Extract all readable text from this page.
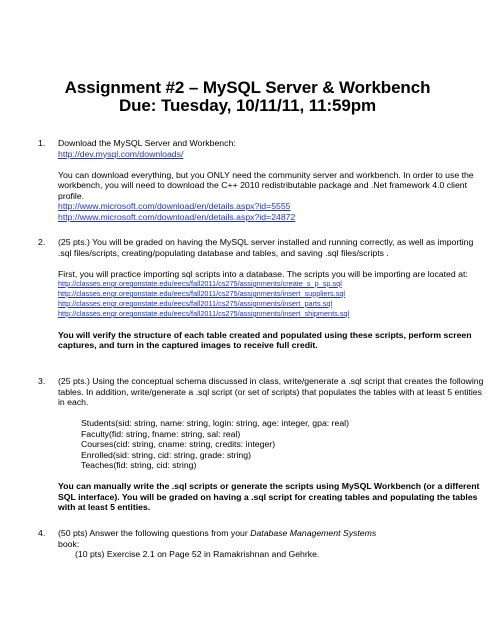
Assignment #2 – MySQL Server & Workbench
Due: Tuesday, 10/11/11, 11:59pm
1. Download the MySQL Server and Workbench:

http://dev.mysql.com/downloads/

You can download everything, but you ONLY need the community server and workbench. In order to use the workbench, you will need to download the C++ 2010 redistributable package and .Net framework 4.0 client profile.

http://www.microsoft.com/download/en/details.aspx?id=5555
http://www.microsoft.com/download/en/details.aspx?id=24872
2. (25 pts.) You will be graded on having the MySQL server installed and running correctly, as well as importing .sql files/scripts, creating/populating database and tables, and saving .sql files/scripts .

First, you will practice importing sql scripts into a database. The scripts you will be importing are located at:

http://classes.engr.oregonstate.edu/eecs/fall2011/cs275/assignments/create_s_p_sp.sql
http://classes.engr.oregonstate.edu/eecs/fall2011/cs275/assignments/insert_suppliers.sql
http://classes.engr.oregonstate.edu/eecs/fall2011/cs275/assignments/insert_parts.sql
http://classes.engr.oregonstate.edu/eecs/fall2011/cs275/assignments/insert_shipments.sql

You will verify the structure of each table created and populated using these scripts, perform screen captures, and turn in the captured images to receive full credit.

3. (25 pts.) Using the conceptual schema discussed in class, write/generate a .sql script that creates the following tables. In addition, write/generate a .sql script (or set of scripts) that populates the tables with at least 5 entities in each.

Students(sid: string, name: string, login: string, age: integer, gpa: real)
Faculty(fid: string, fname: string, sal: real)
Courses(cid: string, cname: string, credits: integer)
Enrolled(sid: string, cid: string, grade: string)
Teaches(fid: string, cid: string)

You can manually write the .sql scripts or generate the scripts using MySQL Workbench (or a different SQL interface). You will be graded on having a .sql script for creating tables and populating the tables with at least 5 entities.

4. (50 pts) Answer the following questions from your Database Management Systems

book:

(10 pts) Exercise 2.1 on Page 52 in Ramakrishnan and Gehrke.
